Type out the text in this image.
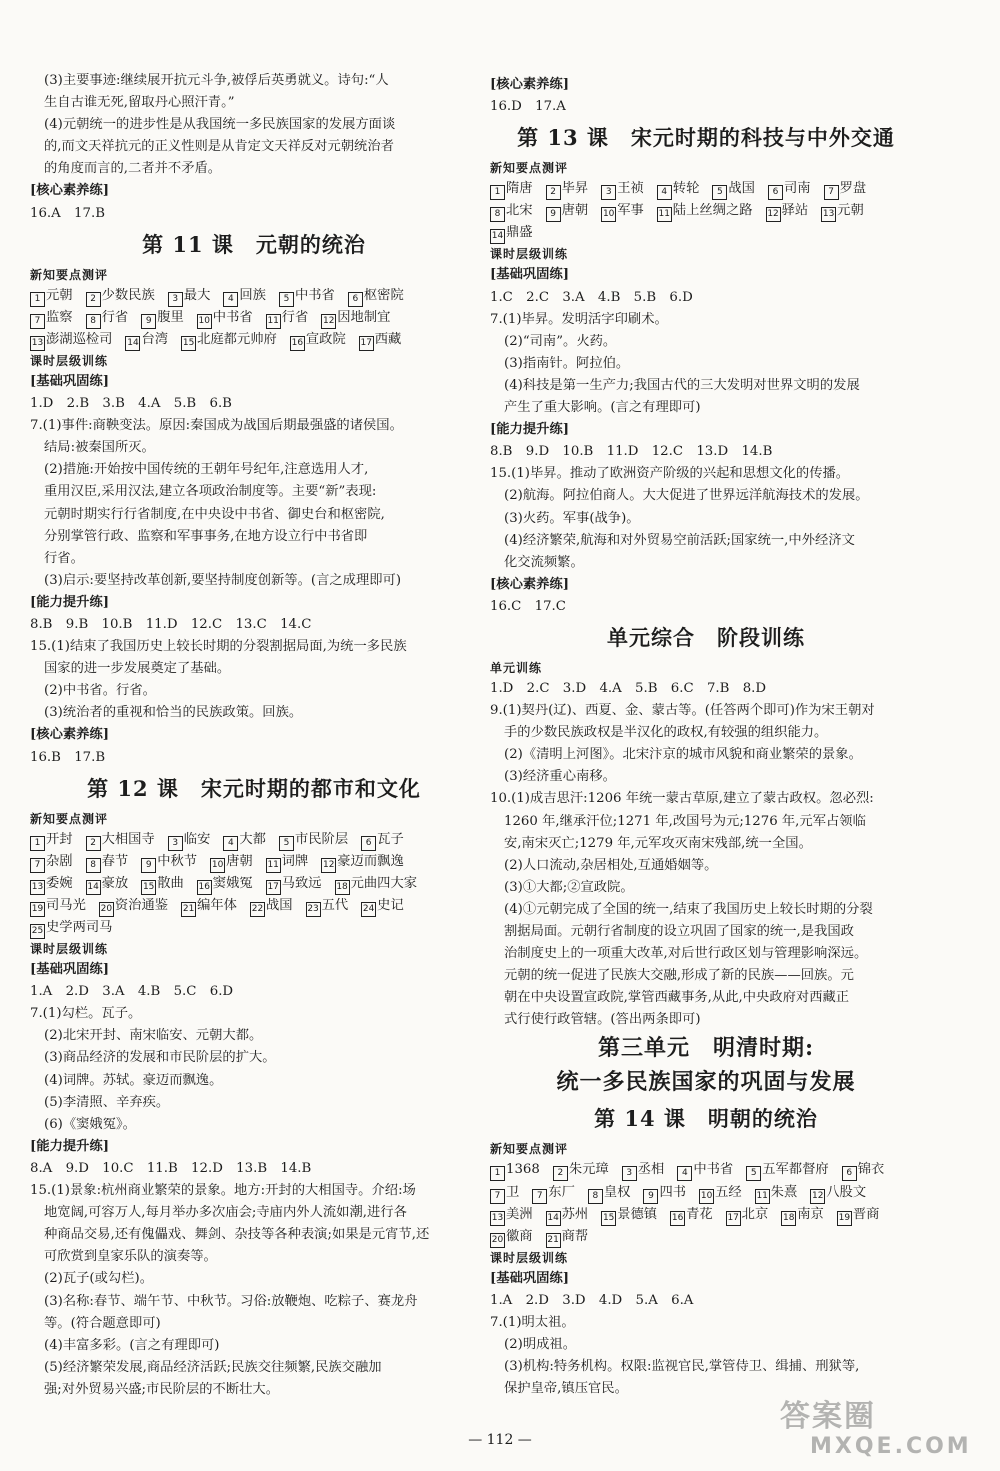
(3)主要事迹:继续展开抗元斗争,被俘后英勇就义。诗句:“人
生自古谁无死,留取丹心照汗青。”
(4)元朝统一的进步性是从我国统一多民族国家的发展方面谈
的,而文天祥抗元的正义性则是从肯定文天祥反对元朝统治者
的角度而言的,二者并不矛盾。
[核心素养练]
16.A　17.B
第 11 课　元朝的统治
新知要点测评
1 元朝 2 少数民族 3 最大 4 回族 5 中书省 6 枢密院
7 监察 8 行省 9 腹里 10 中书省 11 行省 12 因地制宜
13 澎湖巡检司 14 台湾 15 北庭都元帅府 16 宣政院 17 西藏
课时层级训练
[基础巩固练]
1.D　2.B　3.B　4.A　5.B　6.B
7.(1)事件:商鞅变法。原因:秦国成为战国后期最强盛的诸侯国。
结局:被秦国所灭。
(2)措施:开始按中国传统的王朝年号纪年,注意选用人才,
重用汉臣,采用汉法,建立各项政治制度等。主要“新”表现:
元朝时期实行行省制度,在中央设中书省、御史台和枢密院,
分别掌管行政、监察和军事事务,在地方设立行中书省即
行省。
(3)启示:要坚持改革创新,要坚持制度创新等。(言之成理即可)
[能力提升练]
8.B　9.B　10.B　11.D　12.C　13.C　14.C
15.(1)结束了我国历史上较长时期的分裂割据局面,为统一多民族
国家的进一步发展奠定了基础。
(2)中书省。行省。
(3)统治者的重视和恰当的民族政策。回族。
[核心素养练]
16.B　17.B
第 12 课　宋元时期的都市和文化
新知要点测评
1 开封 2 大相国寺 3 临安 4 大都 5 市民阶层 6 瓦子
7 杂剧 8 春节 9 中秋节 10 唐朝 11 词牌 12 豪迈而飘逸
13 委婉 14 豪放 15 散曲 16 窦娥冤 17 马致远 18 元曲四大家
19 司马光 20 资治通鉴 21 编年体 22 战国 23 五代 24 史记
25 史学两司马
课时层级训练
[基础巩固练]
1.A　2.D　3.A　4.B　5.C　6.D
7.(1)勾栏。瓦子。
(2)北宋开封、南宋临安、元朝大都。
(3)商品经济的发展和市民阶层的扩大。
(4)词牌。苏轼。豪迈而飘逸。
(5)李清照、辛弃疾。
(6)《窦娥冤》。
[能力提升练]
8.A　9.D　10.C　11.B　12.D　13.B　14.B
15.(1)景象:杭州商业繁荣的景象。地方:开封的大相国寺。介绍:场
地宽阔,可容万人,每月举办多次庙会;寺庙内外人流如潮,进行各
种商品交易,还有傀儡戏、舞剑、杂技等各种表演;如果是元宵节,还
可欣赏到皇家乐队的演奏等。
(2)瓦子(或勾栏)。
(3)名称:春节、端午节、中秋节。习俗:放鞭炮、吃粽子、赛龙舟
等。(符合题意即可)
(4)丰富多彩。(言之有理即可)
(5)经济繁荣发展,商品经济活跃;民族交往频繁,民族交融加
强;对外贸易兴盛;市民阶层的不断壮大。
[核心素养练]
16.D　17.A
第 13 课　宋元时期的科技与中外交通
新知要点测评
1 隋唐 2 毕昇 3 王祯 4 转轮 5 战国 6 司南 7 罗盘
8 北宋 9 唐朝 10 军事 11 陆上丝绸之路 12 驿站 13 元朝
14 鼎盛
课时层级训练
[基础巩固练]
1.C　2.C　3.A　4.B　5.B　6.D
7.(1)毕昇。发明活字印刷术。
(2)“司南”。火药。
(3)指南针。阿拉伯。
(4)科技是第一生产力;我国古代的三大发明对世界文明的发展
产生了重大影响。(言之有理即可)
[能力提升练]
8.B　9.D　10.B　11.D　12.C　13.D　14.B
15.(1)毕昇。推动了欧洲资产阶级的兴起和思想文化的传播。
(2)航海。阿拉伯商人。大大促进了世界远洋航海技术的发展。
(3)火药。军事(战争)。
(4)经济繁荣,航海和对外贸易空前活跃;国家统一,中外经济文
化交流频繁。
[核心素养练]
16.C　17.C
单元综合　阶段训练
单元训练
1.D　2.C　3.D　4.A　5.B　6.C　7.B　8.D
9.(1)契丹(辽)、西夏、金、蒙古等。(任答两个即可)作为宋王朝对
手的少数民族政权是半汉化的政权,有较强的组织能力。
(2)《清明上河图》。北宋汴京的城市风貌和商业繁荣的景象。
(3)经济重心南移。
10.(1)成吉思汗:1206 年统一蒙古草原,建立了蒙古政权。忽必烈:
1260 年,继承汗位;1271 年,改国号为元;1276 年,元军占领临
安,南宋灭亡;1279 年,元军攻灭南宋残部,统一全国。
(2)人口流动,杂居相处,互通婚姻等。
(3)①大都;②宣政院。
(4)①元朝完成了全国的统一,结束了我国历史上较长时期的分裂
割据局面。元朝行省制度的设立巩固了国家的统一,是我国政
治制度史上的一项重大改革,对后世行政区划与管理影响深远。
元朝的统一促进了民族大交融,形成了新的民族——回族。元
朝在中央设置宣政院,掌管西藏事务,从此,中央政府对西藏正
式行使行政管辖。(答出两条即可)
第三单元　明清时期:
统一多民族国家的巩固与发展
第 14 课　明朝的统治
新知要点测评
1 1368 2 朱元璋 3 丞相 4 中书省 5 五军都督府 6 锦衣
7 卫 7 东厂 8 皇权 9 四书 10 五经 11 朱熹 12 八股文
13 美洲 14 苏州 15 景德镇 16 青花 17 北京 18 南京 19 晋商
20 徽商 21 商帮
课时层级训练
[基础巩固练]
1.A　2.D　3.D　4.D　5.A　6.A
7.(1)明太祖。
(2)明成祖。
(3)机构:特务机构。权限:监视官民,掌管侍卫、缉捕、刑狱等,
保护皇帝,镇压官民。
— 112 —
答案圈
MXQE.COM
